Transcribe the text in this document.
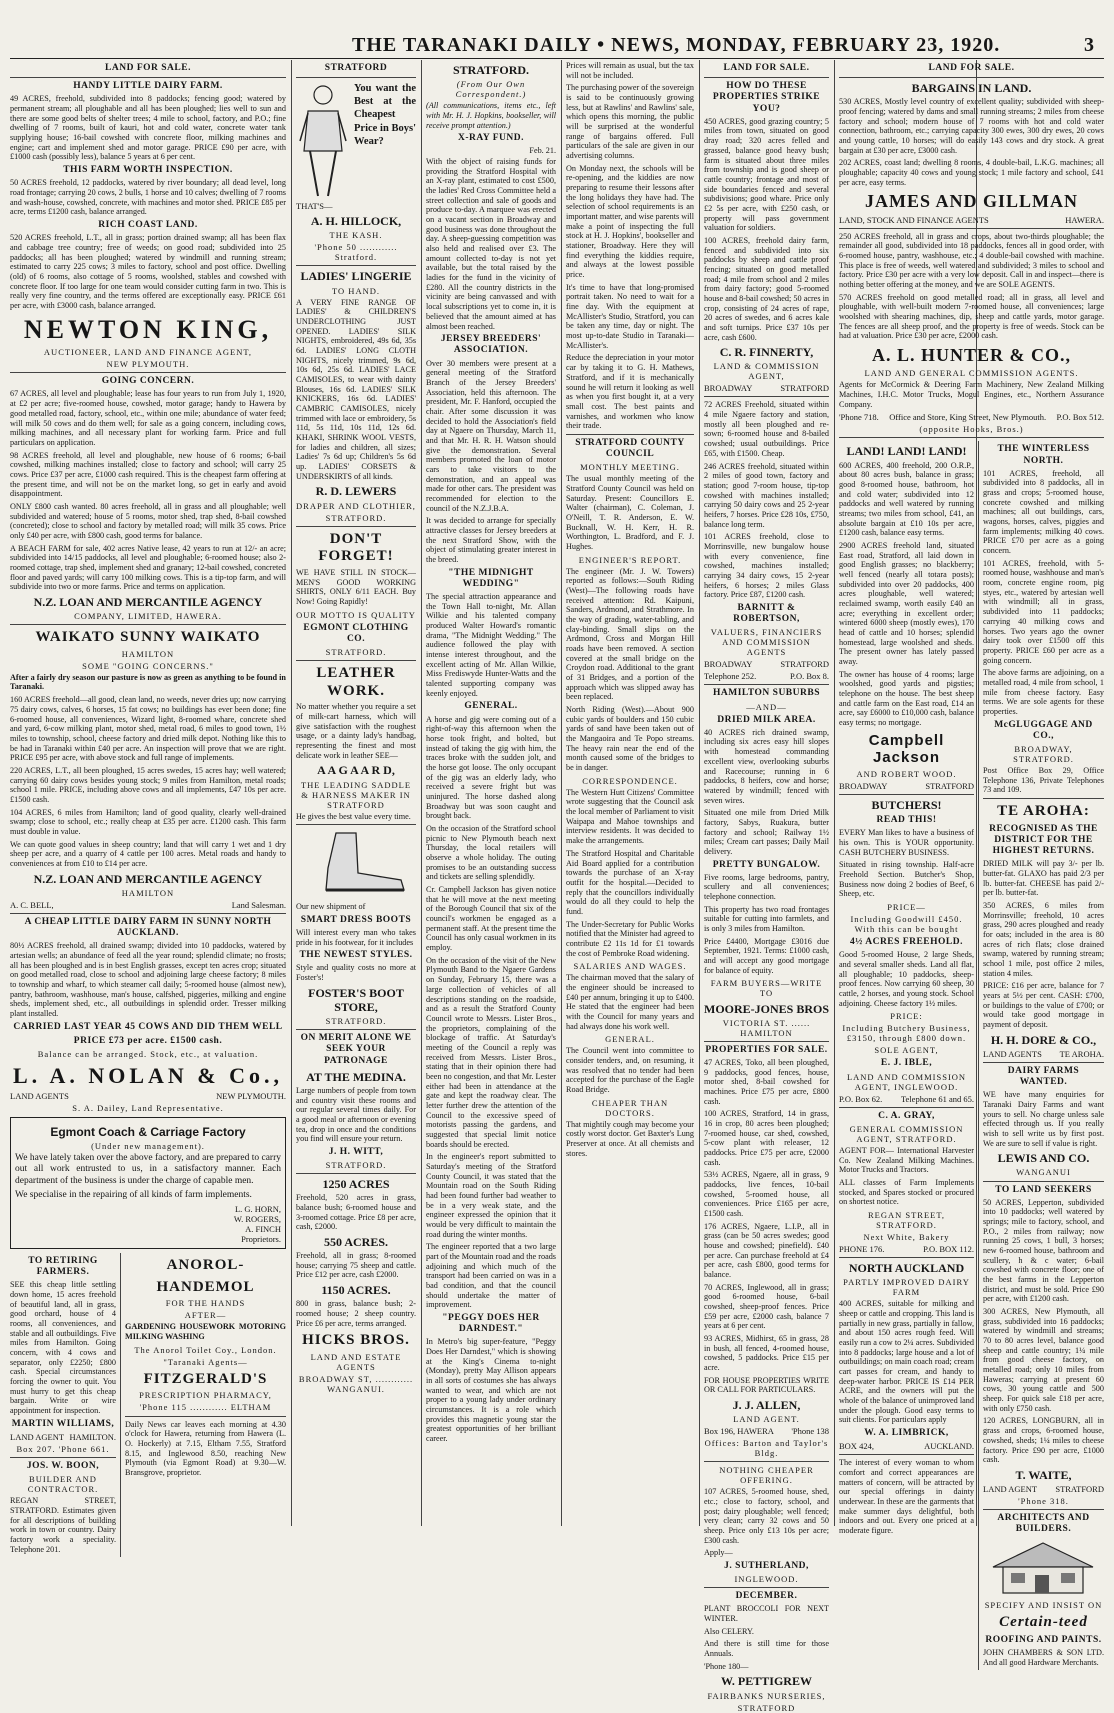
THE TARANAKI DAILY • NEWS, MONDAY, FEBRUARY 23, 1920.	3
LAND FOR SALE.
HANDY LITTLE DAIRY FARM.

49 ACRES, freehold, subdivided into 8 paddocks; fencing good; watered by permanent stream; all ploughable and all has been ploughed; lies well to sun and there are some good belts of shelter trees; 4 mile to school, factory, and P.O.; fine dwelling of 7 rooms, built of kauri, hot and cold water, concrete water tank supplying house; 16-bail cowshed with concrete floor, milking machines and engine; cart and implement shed and motor garage. PRICE £90 per acre, with £1000 cash (possibly less), balance 5 years at 6 per cent.

THIS FARM WORTH INSPECTION.

50 ACRES freehold, 12 paddocks, watered by river boundary; all dead level, long road frontage; carrying 20 cows, 2 bulls, 1 horse and 10 calves; dwelling of 7 rooms and wash-house, cowshed, concrete, with machines and motor shed. PRICE £85 per acre, terms £1200 cash, balance arranged.

RICH COAST LAND.

520 ACRES freehold, L.T., all in grass; portion drained swamp; all has been flax and cabbage tree country; free of weeds; on good road; subdivided into 25 paddocks; all has been ploughed; watered by windmill and running stream; estimated to carry 225 cows; 3 miles to factory, school and post office. Dwelling (old) of 6 rooms, also cottage of 5 rooms, woolshed, stables and cowshed with concrete floor. If too large for one team would consider cutting farm in two. This is really very fine country, and the terms offered are exceptionally easy. PRICE £61 per acre, with £3000 cash, balance arranged.

NEWTON KING,
AUCTIONEER, LAND AND FINANCE AGENT,
NEW PLYMOUTH.
GOING CONCERN.

67 ACRES, all level and ploughable; lease has four years to run from July 1, 1920, at £2 per acre; five-roomed house, cowshed, motor garage; handy to Hawera by good metalled road, factory, school, etc., within one mile; abundance of water feed; will milk 50 cows and do them well; for sale as a going concern, including cows, milking machines, and all necessary plant for working farm. Price and full particulars on application.

98 ACRES freehold, all level and ploughable, new house of 6 rooms; 6-bail cowshed, milking machines installed; close to factory and school; will carry 25 cows. Price £37 per acre, £1000 cash required. This is the cheapest farm offering at the present time, and will not be on the market long, so get in early and avoid disappointment.

ONLY £800 cash wanted. 80 acres freehold, all in grass and all ploughable; well subdivided and watered; house of 5 rooms, motor shed, trap shed, 8-bail cowshed (concreted); close to school and factory by metalled road; will milk 35 cows. Price only £40 per acre, with £800 cash, good terms for balance.

A BEACH FARM for sale, 402 acres Native lease, 42 years to run at 12/- an acre; subdivided into 14/15 paddocks, all level and ploughable; 6-roomed house; also 2-roomed cottage, trap shed, implement shed and granary; 12-bail cowshed, concreted floor and paved yards; will carry 100 milking cows. This is a tip-top farm, and will subdivide into two or more farms. Price and terms on application.

N.Z. LOAN AND MERCANTILE AGENCY
COMPANY, LIMITED, HAWERA.
WAIKATO SUNNY WAIKATO
HAMILTON
SOME "GOING CONCERNS."

After a fairly dry season our pasture is now as green as anything to be found in Taranaki.

160 ACRES freehold—all good, clean land, no weeds, never dries up; now carrying 75 dairy cows, calves, 6 horses, 15 fat cows; no buildings has ever been done; fine 6-roomed house, all conveniences, Wizard light, 8-roomed whare, concrete shed and yard, 6-cow milking plant, motor shed, metal road, 6 miles to good town, 1½ miles to township, school, cheese factory and dried milk depot. Nothing like this to be had in Taranaki within £40 per acre. An inspection will prove that we are right. PRICE £95 per acre, with above stock and full range of implements.

220 ACRES, L.T., all been ploughed, 15 acres swedes, 15 acres hay; well watered; carrying 60 dairy cows besides young stock; 9 miles from Hamilton, metal roads; school 1 mile. PRICE, including above cows and all implements, £47 10s per acre. £1500 cash.

104 ACRES, 6 miles from Hamilton; land of good quality, clearly well-drained swamp; close to school, etc.; really cheap at £35 per acre. £1200 cash. This farm must double in value.

We can quote good values in sheep country; land that will carry 1 wet and 1 dry sheep per acre, and a quarry of 4 cattle per 100 acres. Metal roads and handy to conveniences at from £10 to £14 per acre.

N.Z. LOAN AND MERCANTILE AGENCY
HAMILTON
A. C. BELL,	Land Salesman.
A CHEAP LITTLE DAIRY FARM IN SUNNY NORTH AUCKLAND.

80½ ACRES freehold, all drained swamp; divided into 10 paddocks, watered by artesian wells; an abundance of feed all the year round; splendid climate; no frosts; all has been ploughed and is in best English grasses, except ten acres crop; situated on good metalled road, close to school and adjoining large cheese factory; 8 miles to township and wharf, to which steamer call daily; 5-roomed house (almost new), pantry, bathroom, washhouse, man's house, calfshed, piggeries, milking and engine sheds, implement shed, etc., all outbuildings in splendid order. Tresser milking plant installed.

CARRIED LAST YEAR 45 COWS AND DID THEM WELL
PRICE £73 per acre. £1500 cash.
Balance can be arranged. Stock, etc., at valuation.
L. A. NOLAN & Co.,
LAND AGENTS	NEW PLYMOUTH.
S. A. Dailey, Land Representative.
Egmont Coach & Carriage Factory
(Under new management).

We have lately taken over the above factory, and are prepared to carry out all work entrusted to us, in a satisfactory manner. Each department of the business is under the charge of capable men.

We specialise in the repairing of all kinds of farm implements.

L. G. HORN,
W. ROGERS,
A. FINCH
Proprietors.
TO RETIRING FARMERS.

SEE this cheap little settling down home, 15 acres freehold of beautiful land, all in grass, good orchard, house of 4 rooms, all conveniences, and stable and all outbuildings. Five miles from Hamilton. Going concern, with 4 cows and separator, only £2250; £800 cash. Special circumstances forcing the owner to quit. You must hurry to get this cheap bargain. Write or wire appointment for inspection.

MARTIN WILLIAMS,
LAND AGENT HAMILTON.
Box 207. 'Phone 661.
JOS. W. BOON,
BUILDER AND CONTRACTOR.

REGAN STREET, STRATFORD. Estimates given for all descriptions of building work in town or country. Dairy factory work a speciality. Telephone 201.

ANOROL-
HANDEMOL
FOR THE HANDS
AFTER—

GARDENING HOUSEWORK MOTORING MILKING WASHING

The Anorol Toilet Coy., London.
"Taranaki Agents—
FITZGERALD'S
PRESCRIPTION PHARMACY,
'Phone 115 ............ ELTHAM

Daily News car leaves each morning at 4.30 o'clock for Hawera, returning from Hawera (L. O. Hockerly) at 7.15, Eltham 7.55, Stratford 8.15, and Inglewood 8.50, reaching New Plymouth (via Egmont Road) at 9.30—W. Bransgrove, proprietor.

STRATFORD

You want the Best at the Cheapest Price in Boys' Wear?

THAT'S—
A. H. HILLOCK,
THE KASH.
'Phone 50 ............ Stratford.
LADIES' LINGERIE
TO HAND.

A VERY FINE RANGE OF LADIES' & CHILDREN'S UNDERCLOTHING JUST OPENED. LADIES' SILK NIGHTS, embroidered, 49s 6d, 35s 6d. LADIES' LONG CLOTH NIGHTS, nicely trimmed, 9s 6d, 10s 6d, 25s 6d. LADIES' LACE CAMISOLES, to wear with dainty Blouses, 16s 6d. LADIES' SILK KNICKERS, 16s 6d. LADIES' CAMBRIC CAMISOLES, nicely trimmed with lace or embroidery, 5s 11d, 5s 11d, 10s 11d, 12s 6d. KHAKI, SHRINK WOOL VESTS, for ladies and children, all sizes; Ladies' 7s 6d up; Children's 5s 6d up. LADIES' CORSETS & UNDERSKIRTS of all kinds.

R. D. LEWERS
DRAPER AND CLOTHIER,
STRATFORD.
DON'T FORGET!

WE HAVE STILL IN STOCK— MEN'S GOOD WORKING SHIRTS, ONLY 6/11 EACH. Buy Now! Going Rapidly!

OUR MOTTO IS QUALITY
EGMONT CLOTHING CO.
STRATFORD.
LEATHER WORK.

No matter whether you require a set of milk-cart harness, which will give satisfaction with the roughest usage, or a dainty lady's handbag, representing the finest and most delicate work in leather SEE—

A A G A A R D,
THE LEADING SADDLE & HARNESS MAKER IN STRATFORD

He gives the best value every time.

Our new shipment of

SMART DRESS BOOTS

Will interest every man who takes pride in his footwear, for it includes

THE NEWEST STYLES.

Style and quality costs no more at Foster's!

FOSTER'S BOOT STORE,
STRATFORD.
ON MERIT ALONE WE SEEK YOUR PATRONAGE
AT THE MEDINA.

Large numbers of people from town and country visit these rooms and our regular several times daily. For a good meal or afternoon or evening tea, drop in once and the conditions you find will ensure your return.

J. H. WITT,
STRATFORD.
1250 ACRES

Freehold, 520 acres in grass, balance bush; 6-roomed house and 3-roomed cottage. Price £8 per acre, cash, £2000.

550 ACRES.

Freehold, all in grass; 8-roomed house; carrying 75 sheep and cattle. Price £12 per acre, cash £2000.

1150 ACRES.

800 in grass, balance bush; 2-roomed house; 2 sheep country. Price £6 per acre, terms arranged.

HICKS BROS.
LAND AND ESTATE AGENTS
BROADWAY ST, ............ WANGANUI.
STRATFORD.
(From Our Own Correspondent.)

(All communications, items etc., left with Mr. H. J. Hopkins, bookseller, will receive prompt attention.)

X-RAY FUND.
Feb. 21.

With the object of raising funds for providing the Stratford Hospital with an X-ray plant, estimated to cost £500, the ladies' Red Cross Committee held a street collection and sale of goods and produce to-day. A marquee was erected on a vacant section in Broadway and good business was done throughout the day. A sheep-guessing competition was also held and realised over £3. The amount collected to-day is not yet available, but the total raised by the ladies for the fund in the vicinity of £280. All the country districts in the vicinity are being canvassed and with local subscriptions yet to come in, it is believed that the amount aimed at has almost been reached.

JERSEY BREEDERS' ASSOCIATION.

Over 30 members were present at a general meeting of the Stratford Branch of the Jersey Breeders' Association, held this afternoon. The president, Mr. F. Hanford, occupied the chair. After some discussion it was decided to hold the Association's field day at Ngaere on Thursday, March 11, and that Mr. H. R. H. Watson should give the demonstration. Several members promoted the loan of motor cars to take visitors to the demonstration, and an appeal was made for other cars. The president was recommended for election to the council of the N.Z.J.B.A.

It was decided to arrange for specially attractive classes for Jersey breeders at the next Stratford Show, with the object of stimulating greater interest in the breed.

"THE MIDNIGHT WEDDING"

The special attraction appearance and the Town Hall to-night, Mr. Allan Wilkie and his talented company produced Walter Howard's romantic drama, "The Midnight Wedding." The audience followed the play with intense interest throughout, and the excellent acting of Mr. Allan Wilkie, Miss Frediswyde Hunter-Watts and the talented supporting company was keenly enjoyed.

GENERAL.

A horse and gig were coming out of a right-of-way this afternoon when the horse took fright, and bolted, but instead of taking the gig with him, the traces broke with the sudden jolt, and the horse got loose. The only occupant of the gig was an elderly lady, who received a severe fright but was uninjured. The horse dashed along Broadway but was soon caught and brought back.

On the occasion of the Stratford school picnic to New Plymouth beach next Thursday, the local retailers will observe a whole holiday. The outing promises to be an outstanding success and tickets are selling splendidly.

Cr. Campbell Jackson has given notice that he will move at the next meeting of the Borough Council that six of the council's workmen be engaged as a permanent staff. At the present time the Council has only casual workmen in its employ.

On the occasion of the visit of the New Plymouth Band to the Ngaere Gardens on Sunday, February 15, there was a large collection of vehicles of all descriptions standing on the roadside, and as a result the Stratford County Council wrote to Messrs. Lister Bros., the proprietors, complaining of the blockage of traffic. At Saturday's meeting of the Council a reply was received from Messrs. Lister Bros., stating that in their opinion there had been no congestion, and that Mr. Lester either had been in attendance at the gate and kept the roadway clear. The letter further drew the attention of the Council to the excessive speed of motorists passing the gardens, and suggested that special limit notice boards should be erected.

In the engineer's report submitted to Saturday's meeting of the Stratford County Council, it was stated that the Mountain road on the South Riding had been found further bad weather to be in a very weak state, and the engineer expressed the opinion that it would be very difficult to maintain the road during the winter months.

The engineer reported that a two large part of the Mountain road and the roads adjoining and which much of the transport had been carried on was in a bad condition, and that the council should undertake the matter of improvement.

"PEGGY DOES HER DARNDEST."

In Metro's big super-feature, "Peggy Does Her Darndest," which is showing at the King's Cinema to-night (Monday), pretty May Allison appears in all sorts of costumes she has always wanted to wear, and which are not proper to a young lady under ordinary circumstances. It is a role which provides this magnetic young star the greatest opportunities of her brilliant career.

Prices will remain as usual, but the tax will not be included.

The purchasing power of the sovereign is said to be continuously growing less, but at Rawlins' and Rawlins' sale, which opens this morning, the public will be surprised at the wonderful range of bargains offered. Full particulars of the sale are given in our advertising columns.

On Monday next, the schools will be re-opening, and the kiddies are now preparing to resume their lessons after the long holidays they have had. The selection of school requirements is an important matter, and wise parents will make a point of inspecting the full stock at H. J. Hopkins', bookseller and stationer, Broadway. Here they will find everything the kiddies require, and always at the lowest possible price.

It's time to have that long-promised portrait taken. No need to wait for a fine day. With the equipment at McAllister's Studio, Stratford, you can be taken any time, day or night. The most up-to-date Studio in Taranaki—McAllister's.

Reduce the depreciation in your motor car by taking it to G. H. Mathews, Stratford, and if it is mechanically sound he will return it looking as well as when you first bought it, at a very small cost. The best paints and varnishes, and workmen who know their trade.

STRATFORD COUNTY COUNCIL
MONTHLY MEETING.

The usual monthly meeting of the Stratford County Council was held on Saturday. Present: Councillors E. Walter (chairman), C. Coleman, J. O'Neill, T. R. Anderson, E. W. Bucknall, W. H. Kerr, H. R. Worthington, L. Bradford, and F. J. Hughes.

ENGINEER'S REPORT.

The engineer (Mr. J. W. Towers) reported as follows:—South Riding (West)—The following roads have received attention: Rd. Kaipuni, Sanders, Ardmond, and Strathmore. In the way of grading, water-tabling, and clay-binding. Small slips on the Ardmond, Cross and Morgan Hill roads have been removed. A section covered at the small bridge on the Croydon road. Additional to the grant of 31 Bridges, and a portion of the approach which was slipped away has been replaced.

North Riding (West).—About 900 cubic yards of boulders and 150 cubic yards of sand have been taken out of the Mangaoira and Te Popo streams. The heavy rain near the end of the month caused some of the bridges to be in danger.

CORRESPONDENCE.

The Western Hutt Citizens' Committee wrote suggesting that the Council ask the local member of Parliament to visit Waipapa and Mahoe townships and interview residents. It was decided to make the arrangements.

The Stratford Hospital and Charitable Aid Board applied for a contribution towards the purchase of an X-ray outfit for the hospital.—Decided to reply that the councillors individually would do all they could to help the fund.

The Under-Secretary for Public Works notified that the Minister had agreed to contribute £2 11s 1d for £1 towards the cost of Pembroke Road widening.

SALARIES AND WAGES.

The chairman moved that the salary of the engineer should be increased to £40 per annum, bringing it up to £400. He stated that the engineer had been with the Council for many years and had always done his work well.

GENERAL.

The Council went into committee to consider tenders, and, on resuming, it was resolved that no tender had been accepted for the purchase of the Eagle Road Bridge.

CHEAPER THAN DOCTORS.

That mightily cough may become your costly worst doctor. Get Baxter's Lung Preserver at once. At all chemists and stores.

LAND FOR SALE.
HOW DO THESE PROPERTIES STRIKE YOU?

450 ACRES, good grazing country; 5 miles from town, situated on good dray road; 320 acres felled and grassed, balance good heavy bush; farm is situated about three miles from township and is good sheep or cattle country; frontage and most of side boundaries fenced and several subdivisions; good whare. Price only £2 5s per acre, with £250 cash, or property will pass government valuation for soldiers.

100 ACRES, freehold dairy farm, fenced and subdivided into six paddocks by sheep and cattle proof fencing; situated on good metalled road; 4 mile from school and 2 miles from dairy factory; good 5-roomed house and 8-bail cowshed; 50 acres in crop, consisting of 24 acres of rape, 20 acres of swedes, and 6 acres kale and soft turnips. Price £37 10s per acre, cash £600.

C. R. FINNERTY,
LAND & COMMISSION AGENT,
BROADWAY	STRATFORD

72 ACRES Freehold, situated within 4 mile Ngaere factory and station, mostly all been ploughed and re-sown; 6-roomed house and 8-bailed cowshed; usual outbuildings. Price £65, with £1500. Cheap.

246 ACRES freehold, situated within 2 miles of good town, factory and station; good 7-room house, tip-top cowshed with machines installed; carrying 50 dairy cows and 25 2-year heifers, 7 horses. Price £28 10s, £750, balance long term.

101 ACRES freehold, close to Morrinsville, new bungalow house with every convenience, fine cowshed, machines installed; carrying 34 dairy cows, 15 2-year heifers, 6 horses; 2 miles Glass factory. Price £87, £1200 cash.

BARNITT & ROBERTSON,
VALUERS, FINANCIERS AND COMMISSION AGENTS
BROADWAY	STRATFORD
Telephone 252.	P.O. Box 8.
HAMILTON SUBURBS
—AND—
DRIED MILK AREA.

40 ACRES rich drained swamp, including six acres easy hill slopes with homestead commanding excellent view, overlooking suburbs and Racecourse; running in 6 paddocks, 8 heifers, cow and horse; watered by windmill; fenced with seven wires.

Situated one mile from Dried Milk factory, Sabys, Ruakura, butter factory and school; Railway 1½ miles; Cream cart passes; Daily Mail delivery.

PRETTY BUNGALOW.

Five rooms, large bedrooms, pantry, scullery and all conveniences; telephone connection.

This property has two road frontages suitable for cutting into farmlets, and is only 3 miles from Hamilton.

Price £4400, Mortgage £3016 due September, 1921. Terms: £1000 cash, and will accept any good mortgage for balance of equity.

FARM BUYERS—WRITE TO
MOORE-JONES BROS
VICTORIA ST. ...... HAMILTON
PROPERTIES FOR SALE.

47 ACRES, Toko, all been ploughed, 9 paddocks, good fences, house, motor shed, 8-bail cowshed for machines. Price £75 per acre, £800 cash.

100 ACRES, Stratford, 14 in grass, 16 in crop, 80 acres been ploughed; 7-roomed house, car shed, cowshed, 5-cow plant with releaser, 12 paddocks. Price £75 per acre, £2000 cash.

53½ ACRES, Ngaere, all in grass, 9 paddocks, live fences, 10-bail cowshed, 5-roomed house, all conveniences. Price £165 per acre, £1500 cash.

176 ACRES, Ngaere, L.I.P., all in grass (can be 50 acres swedes; good house and cowshed; pinefield). £40 per acre. Can purchase freehold at £4 per acre, cash £800, good terms for balance.

70 ACRES, Inglewood, all in grass; good 6-roomed house, 6-bail cowshed, sheep-proof fences. Price £59 per acre, £2000 cash, balance 7 years at 6 per cent.

93 ACRES, Midhirst, 65 in grass, 28 in bush, all fenced, 4-roomed house, cowshed, 5 paddocks. Price £15 per acre.

FOR HOUSE PROPERTIES WRITE OR CALL FOR PARTICULARS.

J. J. ALLEN,
LAND AGENT.
Box 196, HAWERA 'Phone 138
Offices: Barton and Taylor's Bldg.
NOTHING CHEAPER OFFERING.

107 ACRES, 5-roomed house, shed, etc.; close to factory, school, and post; dairy ploughable; well fenced; very clean; carry 32 cows and 50 sheep. Price only £13 10s per acre; £300 cash.

Apply—
J. SUTHERLAND,
INGLEWOOD.
DECEMBER.

PLANT BROCCOLI FOR NEXT WINTER.

Also CELERY.

And there is still time for those Annuals.

'Phone 180—
W. PETTIGREW
FAIRBANKS NURSERIES,
STRATFORD
LAND FOR SALE.
BARGAINS IN LAND.

530 ACRES, Mostly level country of excellent quality; subdivided with sheep-proof fencing; watered by dams and small running streams; 2 miles from cheese factory and school; modern house of 7 rooms with hot and cold water connection, bathroom, etc.; carrying capacity 300 ewes, 300 dry ewes, 20 cows and young cattle, 10 horses; will do easily 143 cows and dry stock. A great bargain at £30 per acre, £3000 cash.

202 ACRES, coast land; dwelling 8 rooms, 4 double-bail, L.K.G. machines; all ploughable; capacity 40 cows and young stock; 1 mile factory and school, £41 per acre, easy terms.

JAMES AND GILLMAN
LAND, STOCK AND FINANCE AGENTS	HAWERA.

250 ACRES freehold, all in grass and crops, about two-thirds ploughable; the remainder all good, subdivided into 18 paddocks, fences all in good order, with 6-roomed house, pantry, washhouse, etc.; 4 double-bail cowshed with machine. This place is free of weeds, well watered and subdivided; 3 miles to school and factory. Price £30 per acre with a very low deposit. Call in and inspect—there is nothing better offering at the money, and we are SOLE AGENTS.

570 ACRES freehold on good metalled road; all in grass, all level and ploughable, with well-built modern 7-roomed house, all conveniences; large woolshed with shearing machines, dip, sheep and cattle yards, motor garage. The fences are all sheep proof, and the property is free of weeds. Stock can be had at valuation. Price £30 per acre, £2000 cash.

A. L. HUNTER & CO.,
LAND AND GENERAL COMMISSION AGENTS.

Agents for McCormick & Deering Farm Machinery, New Zealand Milking Machines, I.H.C. Motor Trucks, Mogul Engines, etc., Northern Assurance Company.

'Phone 718. Office and Store, King Street, New Plymouth. P.O. Box 512.
(opposite Hooks, Bros.)
LAND! LAND! LAND!

600 ACRES, 400 freehold, 200 O.R.P., about 80 acres bush, balance in grass; good 8-roomed house, bathroom, hot and cold water; subdivided into 12 paddocks and well watered by running streams; two miles from school, £41, an absolute bargain at £10 10s per acre, £1200 cash, balance easy terms.

2900 ACRES freehold land, situated East road, Stratford, all laid down in good English grasses; no blackberry; well fenced (nearly all totara posts); subdivided into over 20 paddocks, 400 acres ploughable, well watered; reclaimed swamp, worth easily £40 an acre; everything in excellent order; wintered 6000 sheep (mostly ewes), 170 head of cattle and 10 horses; splendid homestead, large woolshed and sheds. The present owner has lately passed away.

The owner has house of 4 rooms; large woolshed, good yards and pigsties; telephone on the house. The best sheep and cattle farm on the East road, £14 an acre, say £6000 to £10,000 cash, balance easy terms; no mortgage.

Campbell Jackson
AND ROBERT WOOD.
BROADWAY	STRATFORD
BUTCHERS!
READ THIS!

EVERY Man likes to have a business of his own. This is YOUR opportunity. CASH BUTCHERY BUSINESS.

Situated in rising township. Half-acre Freehold Section. Butcher's Shop, Business now doing 2 bodies of Beef, 6 Sheep, etc.

PRICE—
Including Goodwill £450. With this can be bought
4½ ACRES FREEHOLD.

Good 5-roomed House, 2 large Sheds, and several smaller sheds. Land all flat, all ploughable; 10 paddocks, sheep-proof fences. Now carrying 60 sheep, 30 cattle, 2 horses, and young stock. School adjoining. Cheese factory 1½ miles.

PRICE:
Including Butchery Business, £3150, through £800 down.
SOLE AGENT,
E. J. IBLE,
LAND AND COMMISSION AGENT, INGLEWOOD.
P.O. Box 62. Telephone 61 and 65.
C. A. GRAY,
GENERAL COMMISSION AGENT, STRATFORD.

AGENT FOR— International Harvester Co. New Zealand Milking Machines. Motor Trucks and Tractors.

ALL classes of Farm Implements stocked, and Spares stocked or procured on shortest notice.

REGAN STREET, STRATFORD.
Next White, Bakery
PHONE 176.	P.O. BOX 112.
NORTH AUCKLAND
PARTLY IMPROVED DAIRY FARM

400 ACRES, suitable for milking and sheep or cattle and cropping. This land is partially in new grass, partially in fallow, and about 150 acres rough feed. Will easily run a cow to 2¼ acres. Subdivided into 8 paddocks; large house and a lot of outbuildings; on main coach road; cream cart passes for cream, and handy to deep-water harbor. PRICE IS £14 PER ACRE, and the owners will put the whole of the balance of unimproved land under the plough. Good easy terms to suit clients. For particulars apply

W. A. LIMBRICK,
BOX 424,	AUCKLAND.

The interest of every woman to whom comfort and correct appearances are matters of concern, will be attracted by our special offerings in dainty underwear. In these are the garments that make summer days delightful, both indoors and out. Every one priced at a moderate figure.

THE WINTERLESS NORTH.

101 ACRES, freehold, all subdivided into 8 paddocks, all in grass and crops; 5-roomed house, concrete cowshed and milking machines; all out buildings, cars, wagons, horses, calves, piggies and farm implements; milking 40 cows. PRICE £70 per acre as a going concern.

101 ACRES, freehold, with 5-roomed house, washhouse and man's room, concrete engine room, pig styes, etc., watered by artesian well with windmill; all in grass, subdivided into 11 paddocks; carrying 40 milking cows and horses. Two years ago the owner dairy took over £1500 off this property. PRICE £60 per acre as a going concern.

The above farms are adjoining, on a metalled road, 4 mile from school, 1 mile from cheese factory. Easy terms. We are sole agents for these properties.

McGLUGGAGE AND CO.,
BROADWAY, STRATFORD.

Post Office Box 29, Office Telephone 136, Private Telephones 73 and 109.

TE AROHA:
RECOGNISED AS THE DISTRICT FOR THE HIGHEST RETURNS.

DRIED MILK will pay 3/- per lb. butter-fat. GLAXO has paid 2/3 per lb. butter-fat. CHEESE has paid 2/- per lb. butter-fat.

350 ACRES, 6 miles from Morrinsville; freehold, 10 acres grass, 290 acres ploughed and ready for oats; included in the area is 80 acres of rich flats; close drained swamp, watered by running stream; school 1 mile, post office 2 miles, station 4 miles.

PRICE: £16 per acre, balance for 7 years at 5½ per cent. CASH: £700, or buildings to the value of £700; or would take good mortgage in payment of deposit.

H. H. DORE & CO.,
LAND AGENTS TE AROHA.
DAIRY FARMS WANTED.

WE have many enquiries for Taranaki Dairy Farms and want yours to sell. No charge unless sale effected through us. If you really wish to sell write us by first post. We are sure to sell if value is right.

LEWIS AND CO.
WANGANUI
TO LAND SEEKERS

50 ACRES, Lepperton, subdivided into 10 paddocks; well watered by springs; mile to factory, school, and P.O., 2 miles from railway; now running 25 cows, 1 bull, 3 horses; new 6-roomed house, bathroom and scullery, h & c water; 6-bail cowshed with concrete floor; one of the best farms in the Lepperton district, and must be sold. Price £90 per acre, with £1200 cash.

300 ACRES, New Plymouth, all grass, subdivided into 16 paddocks; watered by windmill and streams; 70 to 80 acres level, balance good sheep and cattle country; 1¼ mile from good cheese factory, on metalled road; only 10 miles from Haweras; carrying at present 60 cows, 30 young cattle and 500 sheep. For quick sale £18 per acre, with only £750 cash.

120 ACRES, LONGBURN, all in grass and crops, 6-roomed house, cowshed, sheds; 1¼ miles to cheese factory. Price £90 per acre, £1000 cash.

T. WAITE,
LAND AGENT STRATFORD
'Phone 318.
ARCHITECTS AND BUILDERS.
SPECIFY AND INSIST ON
Certain-teed
ROOFING AND PAINTS.

JOHN CHAMBERS & SON LTD. And all good Hardware Merchants.
